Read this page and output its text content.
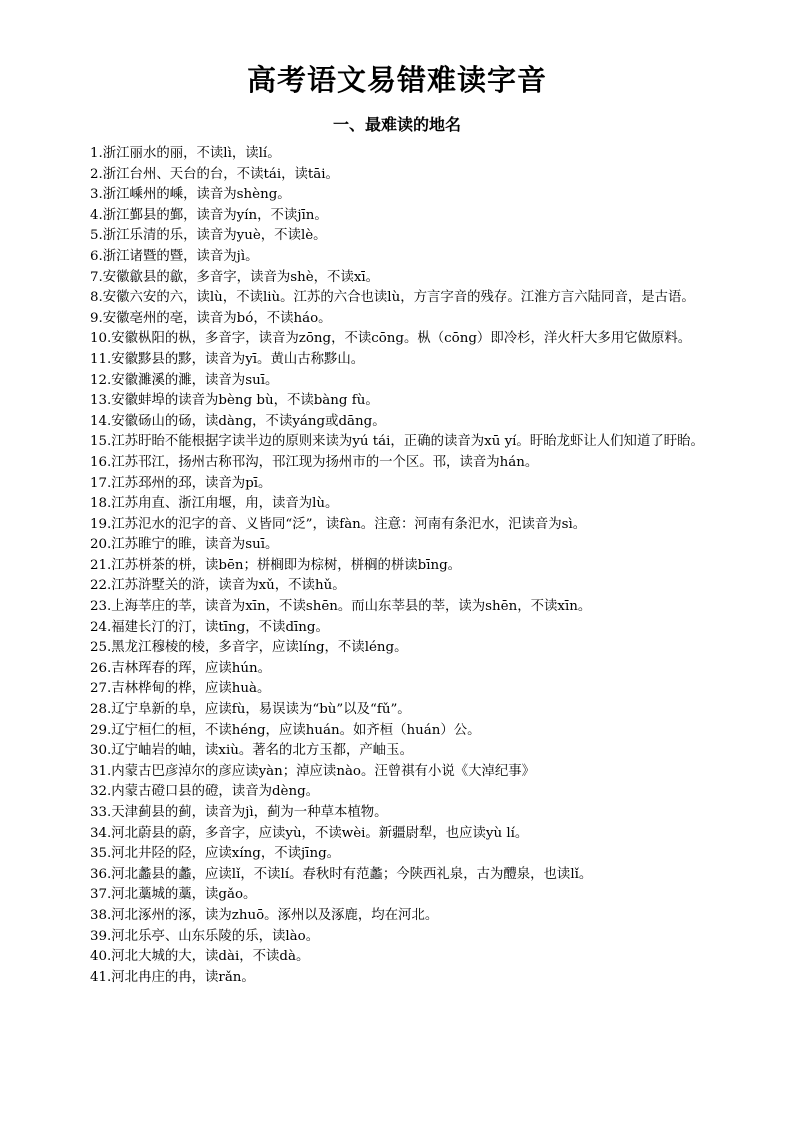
高考语文易错难读字音
一、最难读的地名
1.浙江丽水的丽，不读lì，读lí。
2.浙江台州、天台的台，不读tái，读tāi。
3.浙江嵊州的嵊，读音为shèng。
4.浙江鄞县的鄞，读音为yín，不读jīn。
5.浙江乐清的乐，读音为yuè，不读lè。
6.浙江诸暨的暨，读音为jì。
7.安徽歙县的歙，多音字，读音为shè，不读xī。
8.安徽六安的六，读lù，不读liù。江苏的六合也读lù，方言字音的残存。江淮方言六陆同音，是古语。
9.安徽亳州的亳，读音为bó，不读háo。
10.安徽枞阳的枞，多音字，读音为zōng，不读cōng。枞（cōng）即冷杉，洋火杆大多用它做原料。
11.安徽黟县的黟，读音为yī。黄山古称黟山。
12.安徽濉溪的濉，读音为suī。
13.安徽蚌埠的读音为bèng bù，不读bàng fù。
14.安徽砀山的砀，读dàng，不读yáng或dāng。
15.江苏盱眙不能根据字读半边的原则来读为yú tái，正确的读音为xū yí。盱眙龙虾让人们知道了盱眙。
16.江苏邗江，扬州古称邗沟，邗江现为扬州市的一个区。邗，读音为hán。
17.江苏邳州的邳，读音为pī。
18.江苏甪直、浙江甪堰，甪，读音为lù。
19.江苏氾水的氾字的音、义皆同“泛”，读fàn。注意：河南有条汜水，汜读音为sì。
20.江苏睢宁的睢，读音为suī。
21.江苏栟茶的栟，读bēn；栟榈即为棕树，栟榈的栟读bīng。
22.江苏浒墅关的浒，读音为xǔ，不读hǔ。
23.上海莘庄的莘，读音为xīn，不读shēn。而山东莘县的莘，读为shēn，不读xīn。
24.福建长汀的汀，读tīng，不读dīng。
25.黑龙江穆棱的棱，多音字，应读líng，不读léng。
26.吉林珲春的珲，应读hún。
27.吉林桦甸的桦，应读huà。
28.辽宁阜新的阜，应读fù，易误读为“bù”以及“fǔ”。
29.辽宁桓仁的桓，不读héng，应读huán。如齐桓（huán）公。
30.辽宁岫岩的岫，读xiù。著名的北方玉都，产岫玉。
31.内蒙古巴彦淖尔的彦应读yàn；淖应读nào。汪曾祺有小说《大淖纪事》
32.内蒙古磴口县的磴，读音为dèng。
33.天津蓟县的蓟，读音为jì，蓟为一种草本植物。
34.河北蔚县的蔚，多音字，应读yù，不读wèi。新疆尉犁，也应读yù lí。
35.河北井陉的陉，应读xíng，不读jīng。
36.河北蠡县的蠡，应读lǐ，不读lí。春秋时有范蠡；今陕西礼泉，古为醴泉，也读lǐ。
37.河北藁城的藁，读gǎo。
38.河北涿州的涿，读为zhuō。涿州以及涿鹿，均在河北。
39.河北乐亭、山东乐陵的乐，读lào。
40.河北大城的大，读dài，不读dà。
41.河北冉庄的冉，读rǎn。
